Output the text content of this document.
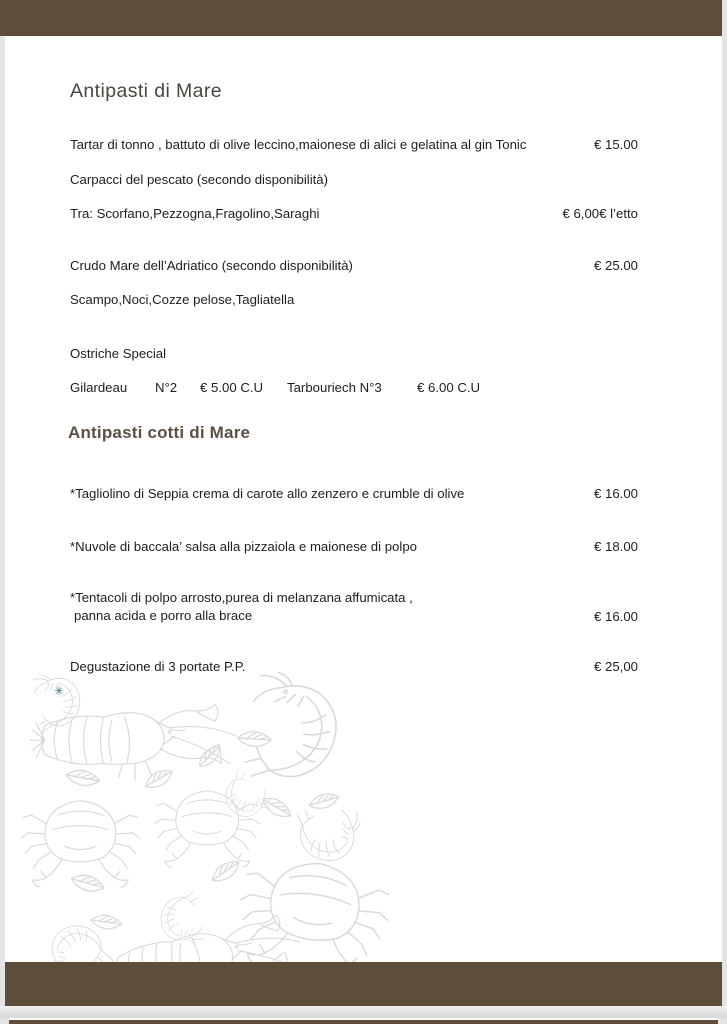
Antipasti di Mare
Tartar di tonno , battuto di olive leccino,maionese di alici e gelatina al gin Tonic	€ 15.00
Carpacci del pescato (secondo disponibilità)
Tra: Scorfano,Pezzogna,Fragolino,Saraghi	€ 6,00€ l’etto
Crudo Mare dell’Adriatico (secondo disponibilità)	€ 25.00
Scampo,Noci,Cozze pelose,Tagliatella
Ostriche Special
Gilardeau N°2 € 5.00 C.U Tarbouriech N°3	€ 6.00 C.U
Antipasti cotti di Mare
*Tagliolino di Seppia crema di carote allo zenzero e crumble di olive	€ 16.00
*Nuvole di baccala’ salsa alla pizzaiola e maionese di polpo	€ 18.00
*Tentacoli di polpo arrosto,purea di melanzana affumicata ,
panna acida e porro alla brace	€ 16.00
Degustazione di 3 portate P.P.	€ 25,00
✳
